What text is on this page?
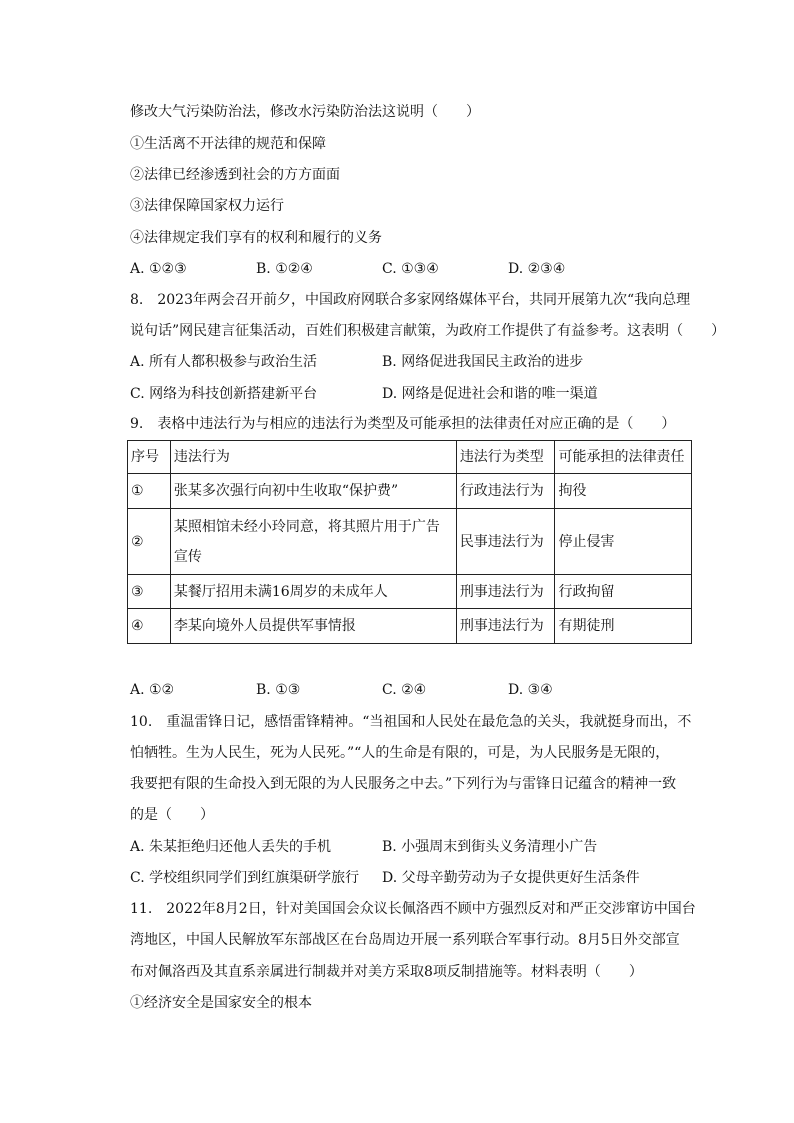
修改大气污染防治法，修改水污染防治法这说明（　　）
①生活离不开法律的规范和保障
②法律已经渗透到社会的方方面面
③法律保障国家权力运行
④法律规定我们享有的权利和履行的义务
A. ①②③	B. ①②④	C. ①③④	D. ②③④
8.　2023年两会召开前夕，中国政府网联合多家网络媒体平台，共同开展第九次“我向总理
说句话”网民建言征集活动，百姓们积极建言献策，为政府工作提供了有益参考。这表明（　　）
A. 所有人都积极参与政治生活	B. 网络促进我国民主政治的进步
C. 网络为科技创新搭建新平台	D. 网络是促进社会和谐的唯一渠道
9.　表格中违法行为与相应的违法行为类型及可能承担的法律责任对应正确的是（　　）
序号	违法行为	违法行为类型	可能承担的法律责任
①	张某多次强行向初中生收取“保护费”	行政违法行为	拘役
②	某照相馆未经小玲同意，将其照片用于广告宣传	民事违法行为	停止侵害
③	某餐厅招用未满16周岁的未成年人	刑事违法行为	行政拘留
④	李某向境外人员提供军事情报	刑事违法行为	有期徒刑
A. ①②	B. ①③	C. ②④	D. ③④
10.　重温雷锋日记，感悟雷锋精神。“当祖国和人民处在最危急的关头，我就挺身而出，不
怕牺牲。生为人民生，死为人民死。”“人的生命是有限的，可是，为人民服务是无限的，
我要把有限的生命投入到无限的为人民服务之中去。”下列行为与雷锋日记蕴含的精神一致
的是（　　）
A. 朱某拒绝归还他人丢失的手机	B. 小强周末到街头义务清理小广告
C. 学校组织同学们到红旗渠研学旅行 D. 父母辛勤劳动为子女提供更好生活条件
11.　2022年8月2日，针对美国国会众议长佩洛西不顾中方强烈反对和严正交涉窜访中国台
湾地区，中国人民解放军东部战区在台岛周边开展一系列联合军事行动。8月5日外交部宣
布对佩洛西及其直系亲属进行制裁并对美方采取8项反制措施等。材料表明（　　）
①经济安全是国家安全的根本
